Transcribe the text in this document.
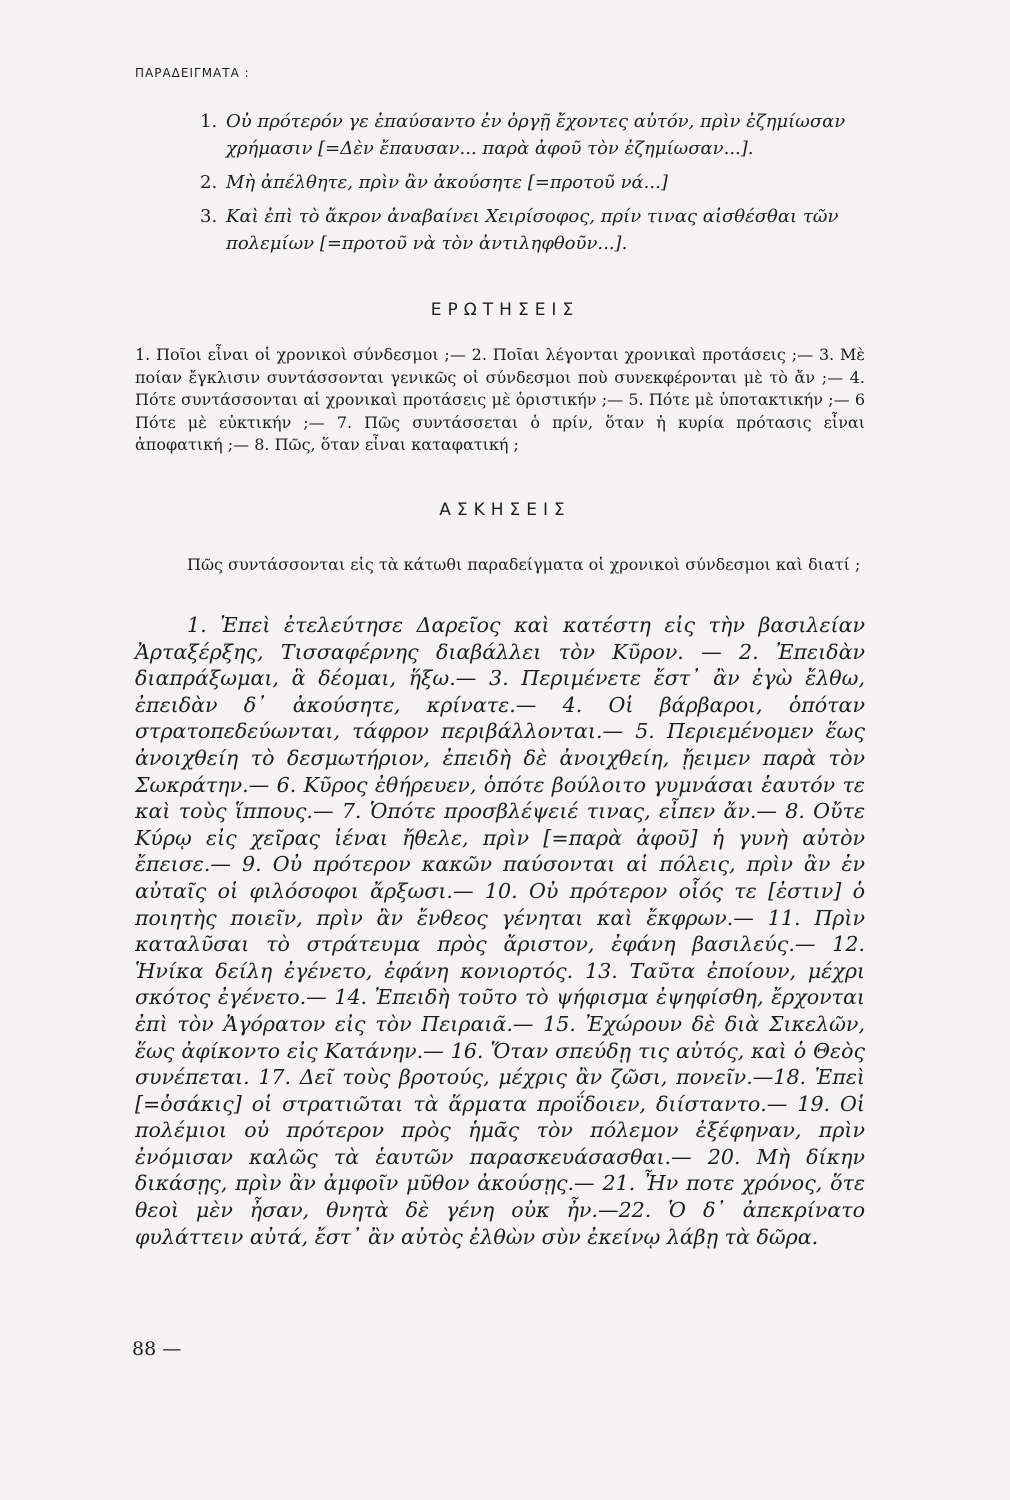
ΠΑΡΑΔΕΙΓΜΑΤΑ :
1. Οὐ πρότερόν γε ἐπαύσαντο ἐν ὀργῇ ἔχοντες αὐτόν, πρὶν ἐζημίωσαν χρήμασιν [=Δὲν ἔπαυσαν... παρὰ ἀφοῦ τὸν ἐζημίωσαν...].
2. Μὴ ἀπέλθητε, πρὶν ἂν ἀκούσητε [=προτοῦ νά...]
3. Καὶ ἐπὶ τὸ ἄκρον ἀναβαίνει Χειρίσοφος, πρίν τινας αἰσθέσθαι τῶν πολεμίων [=προτοῦ νὰ τὸν ἀντιληφθοῦν...].
ΕΡΩΤΗΣΕΙΣ
1. Ποῖοι εἶναι οἱ χρονικοὶ σύνδεσμοι ;— 2. Ποῖαι λέγονται χρονικαὶ προτάσεις ;— 3. Μὲ ποίαν ἔγκλισιν συντάσσονται γενικῶς οἱ σύνδεσμοι ποὺ συνεκφέρονται μὲ τὸ ἄν ;— 4. Πότε συντάσσονται αἱ χρονικαὶ προτάσεις μὲ ὁριστικήν ;— 5. Πότε μὲ ὑποτακτικήν ;— 6 Πότε μὲ εὐκτικήν ;— 7. Πῶς συντάσσεται ὁ πρίν, ὅταν ἡ κυρία πρότασις εἶναι ἀποφατική ;— 8. Πῶς, ὅταν εἶναι καταφατική ;
ΑΣΚΗΣΕΙΣ
Πῶς συντάσσονται εἰς τὰ κάτωθι παραδείγματα οἱ χρονικοὶ σύνδεσμοι καὶ διατί ;
1. Ἐπεὶ ἐτελεύτησε Δαρεῖος καὶ κατέστη εἰς τὴν βασιλείαν Ἀρταξέρξης, Τισσαφέρνης διαβάλλει τὸν Κῦρον. — 2. Ἐπειδὰν διαπράξωμαι, ἃ δέομαι, ἥξω.— 3. Περιμένετε ἔστ᾽ ἂν ἐγὼ ἔλθω, ἐπειδὰν δ᾽ ἀκούσητε, κρίνατε.— 4. Οἱ βάρβαροι, ὁπόταν στρατοπεδεύωνται, τάφρον περιβάλλονται.— 5. Περιεμένομεν ἕως ἀνοιχθείη τὸ δεσμωτήριον, ἐπειδὴ δὲ ἀνοιχθείη, ᾔειμεν παρὰ τὸν Σωκράτην.— 6. Κῦρος ἐθήρευεν, ὁπότε βούλοιτο γυμνάσαι ἑαυτόν τε καὶ τοὺς ἵππους.— 7. Ὁπότε προσβλέψειέ τινας, εἶπεν ἄν.— 8. Οὔτε Κύρῳ εἰς χεῖρας ἰέναι ἤθελε, πρὶν [=παρὰ ἀφοῦ] ἡ γυνὴ αὐτὸν ἔπεισε.— 9. Οὐ πρότερον κακῶν παύσονται αἱ πόλεις, πρὶν ἂν ἐν αὐταῖς οἱ φιλόσοφοι ἄρξωσι.— 10. Οὐ πρότερον οἷός τε [ἐστιν] ὁ ποιητὴς ποιεῖν, πρὶν ἂν ἔνθεος γένηται καὶ ἔκφρων.— 11. Πρὶν καταλῦσαι τὸ στράτευμα πρὸς ἄριστον, ἐφάνη βασιλεύς.— 12. Ἡνίκα δείλη ἐγένετο, ἐφάνη κονιορτός. 13. Ταῦτα ἐποίουν, μέχρι σκότος ἐγένετο.— 14. Ἐπειδὴ τοῦτο τὸ ψήφισμα ἐψηφίσθη, ἔρχονται ἐπὶ τὸν Ἀγόρατον εἰς τὸν Πειραιᾶ.— 15. Ἐχώρουν δὲ διὰ Σικελῶν, ἕως ἀφίκοντο εἰς Κατάνην.— 16. Ὅταν σπεύδῃ τις αὐτός, καὶ ὁ Θεὸς συνέπεται. 17. Δεῖ τοὺς βροτούς, μέχρις ἂν ζῶσι, πονεῖν.—18. Ἐπεὶ [=ὁσάκις] οἱ στρατιῶται τὰ ἅρματα προΐδοιεν, διίσταντο.— 19. Οἱ πολέμιοι οὐ πρότερον πρὸς ἡμᾶς τὸν πόλεμον ἐξέφηναν, πρὶν ἐνόμισαν καλῶς τὰ ἑαυτῶν παρασκευάσασθαι.— 20. Μὴ δίκην δικάσῃς, πρὶν ἂν ἀμφοῖν μῦθον ἀκούσῃς.— 21. Ἦν ποτε χρόνος, ὅτε θεοὶ μὲν ἦσαν, θνητὰ δὲ γένη οὐκ ἦν.—22. Ὁ δ᾽ ἀπεκρίνατο φυλάττειν αὐτά, ἔστ᾽ ἂν αὐτὸς ἐλθὼν σὺν ἐκείνῳ λάβῃ τὰ δῶρα.
88 —
